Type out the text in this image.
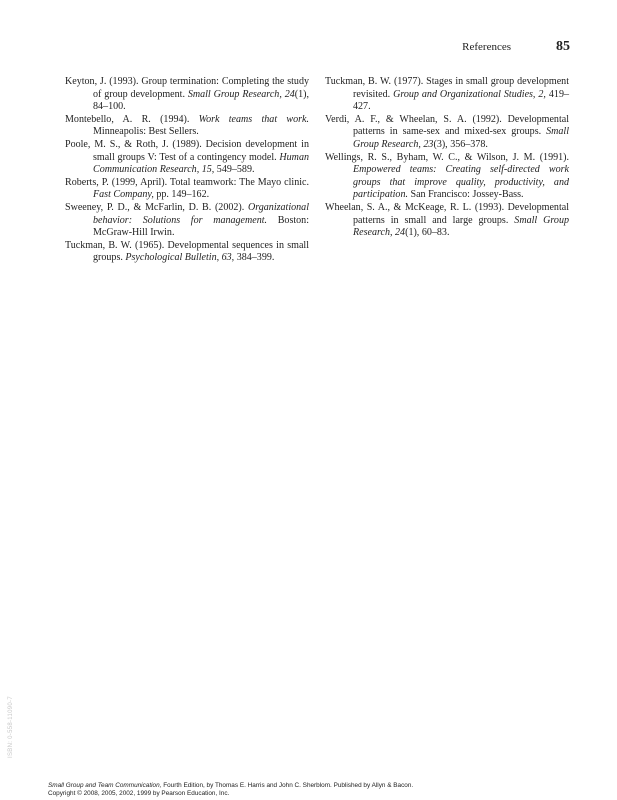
References	85

Keyton, J. (1993). Group termination: Completing the study of group development. Small Group Research, 24(1), 84–100.

Montebello, A. R. (1994). Work teams that work. Minneapolis: Best Sellers.

Poole, M. S., & Roth, J. (1989). Decision development in small groups V: Test of a contingency model. Human Communication Research, 15, 549–589.

Roberts, P. (1999, April). Total teamwork: The Mayo clinic. Fast Company, pp. 149–162.

Sweeney, P. D., & McFarlin, D. B. (2002). Organizational behavior: Solutions for management. Boston: McGraw-Hill Irwin.

Tuckman, B. W. (1965). Developmental sequences in small groups. Psychological Bulletin, 63, 384–399.

Tuckman, B. W. (1977). Stages in small group development revisited. Group and Organizational Studies, 2, 419–427.

Verdi, A. F., & Wheelan, S. A. (1992). Developmental patterns in same-sex and mixed-sex groups. Small Group Research, 23(3), 356–378.

Wellings, R. S., Byham, W. C., & Wilson, J. M. (1991). Empowered teams: Creating self-directed work groups that improve quality, productivity, and participation. San Francisco: Jossey-Bass.

Wheelan, S. A., & McKeage, R. L. (1993). Developmental patterns in small and large groups. Small Group Research, 24(1), 60–83.

ISBN: 0-558-11090-7
Small Group and Team Communication, Fourth Edition, by Thomas E. Harris and John C. Sherblom. Published by Allyn & Bacon.
Copyright © 2008, 2005, 2002, 1999 by Pearson Education, Inc.
